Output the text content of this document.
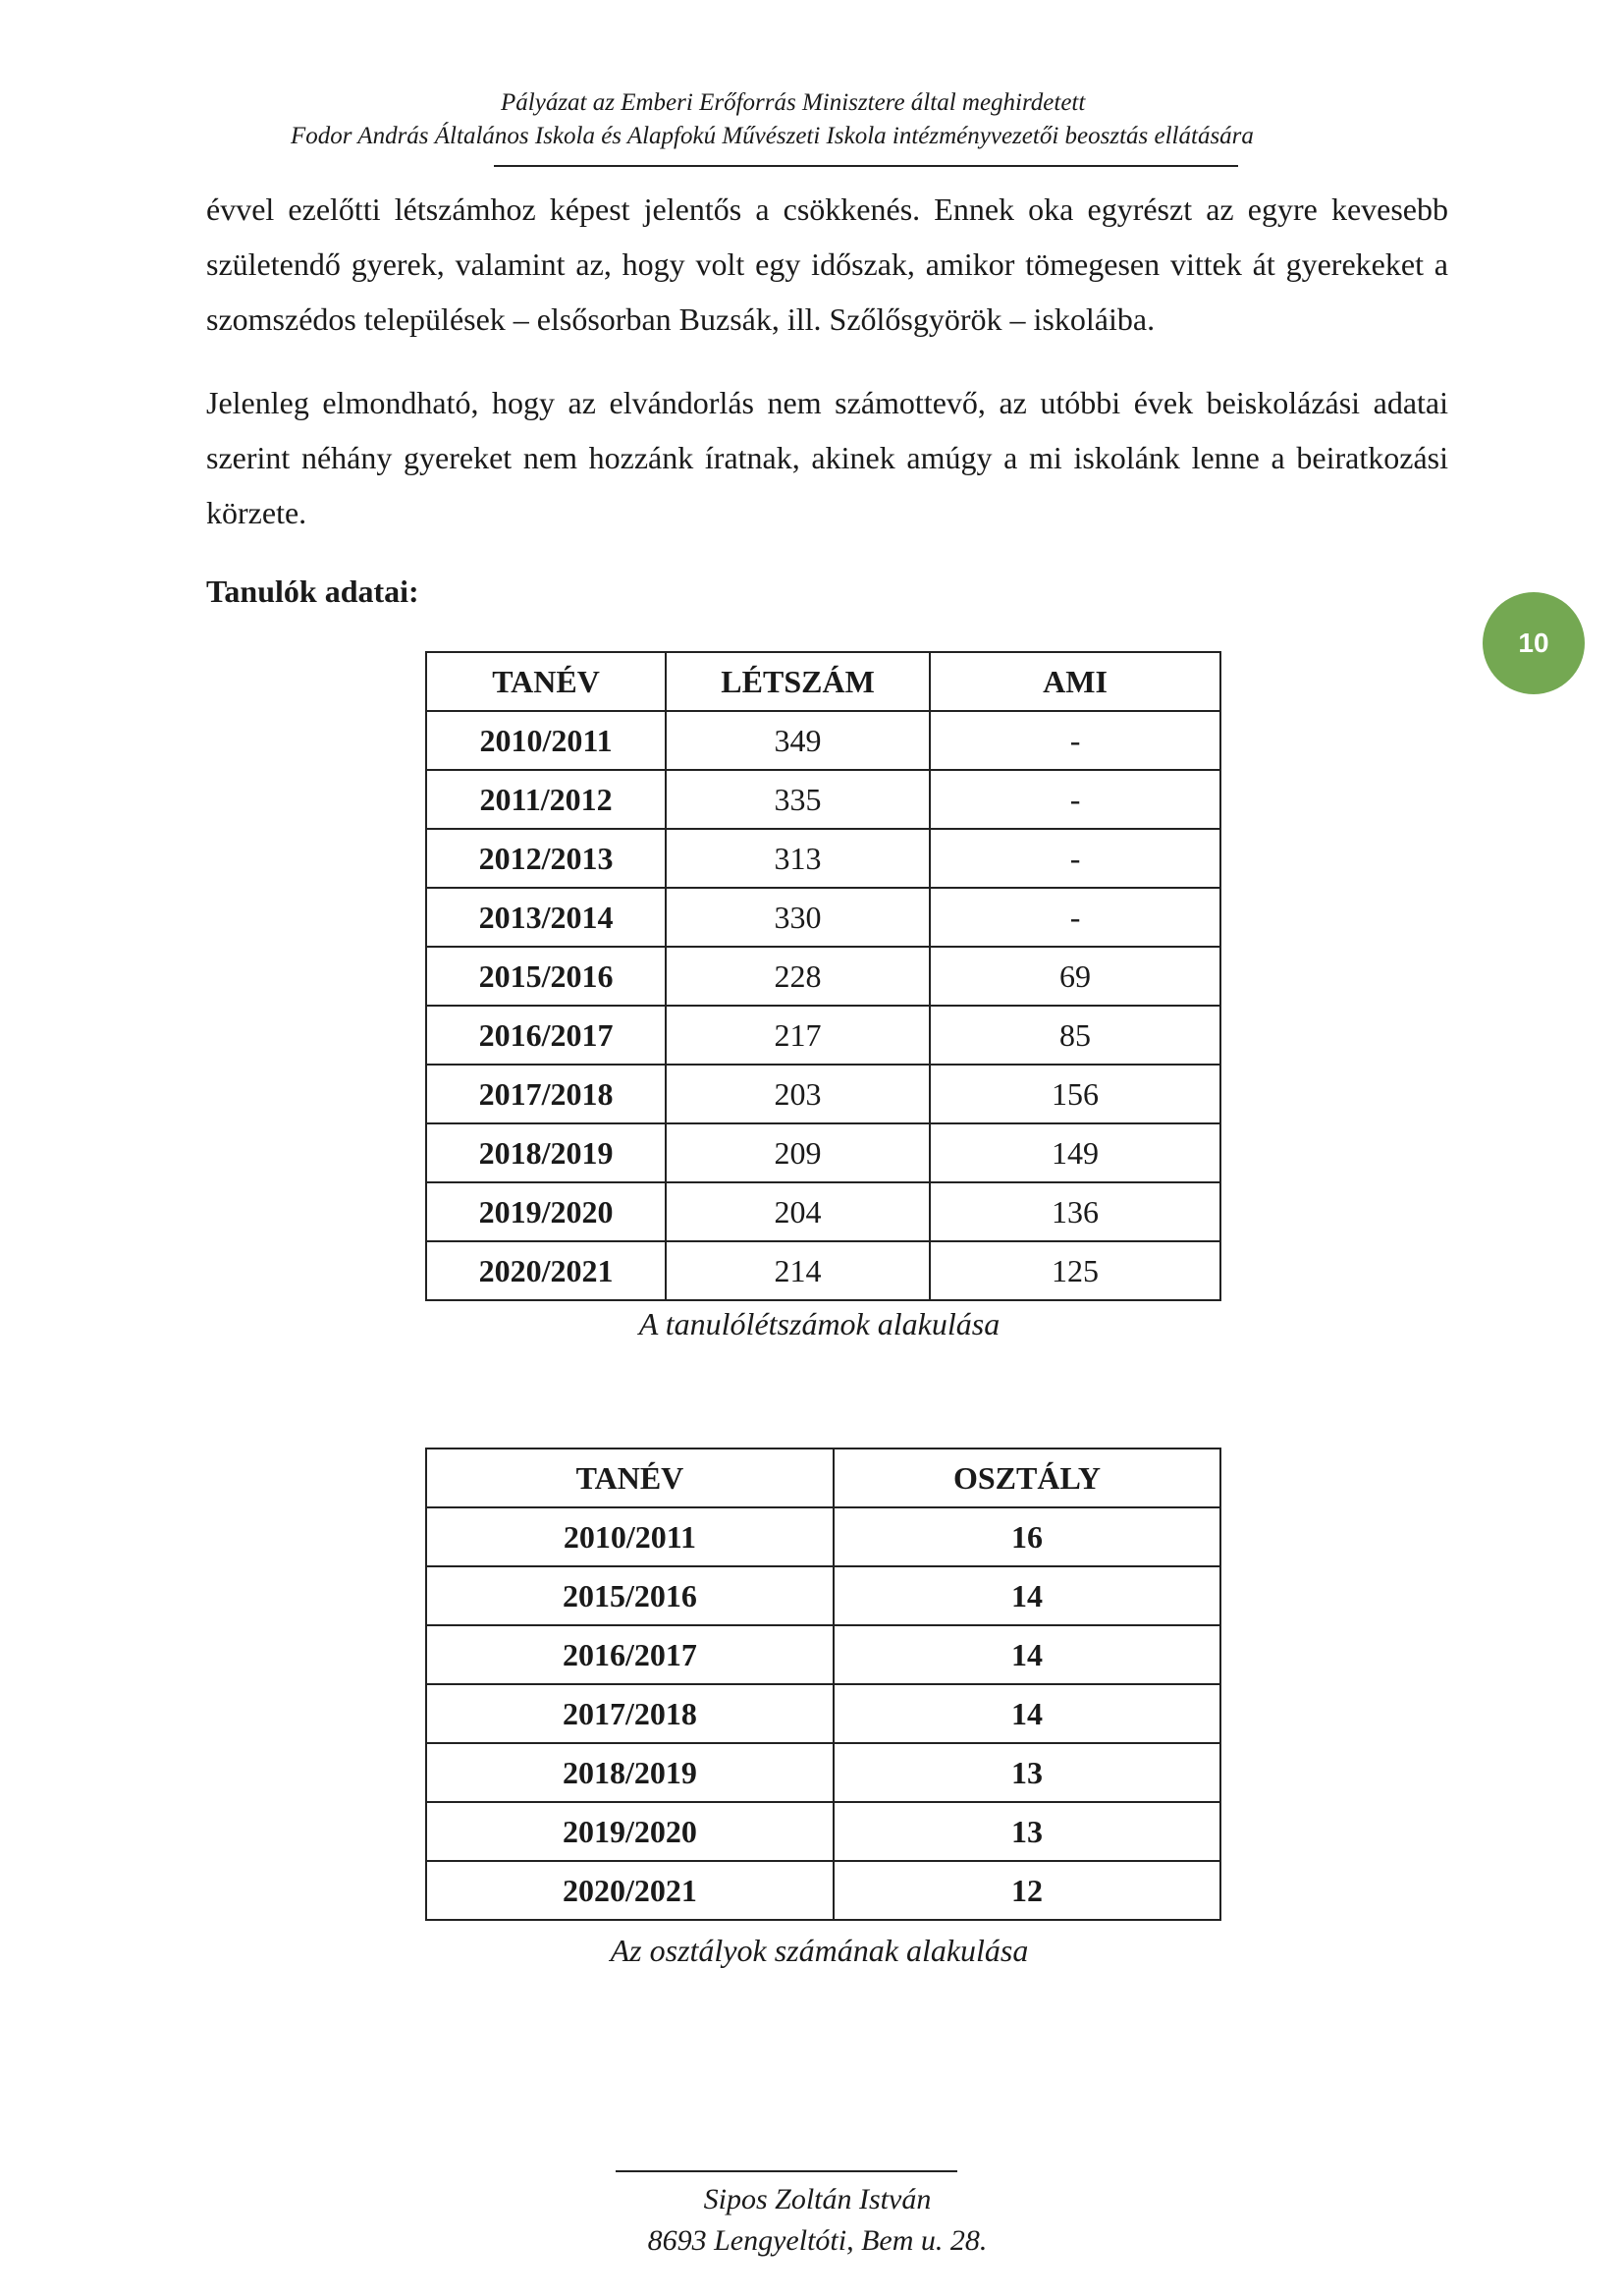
Pályázat az Emberi Erőforrás Minisztere által meghirdetett
Fodor András Általános Iskola és Alapfokú Művészeti Iskola intézményvezetői beosztás ellátására

évvel ezelőtti létszámhoz képest jelentős a csökkenés. Ennek oka egyrészt az egyre kevesebb születendő gyerek, valamint az, hogy volt egy időszak, amikor tömegesen vittek át gyerekeket a szomszédos települések – elsősorban Buzsák, ill. Szőlősgyörök – iskoláiba.

Jelenleg elmondható, hogy az elvándorlás nem számottevő, az utóbbi évek beiskolázási adatai szerint néhány gyereket nem hozzánk íratnak, akinek amúgy a mi iskolánk lenne a beiratkozási körzete.

Tanulók adatai:
10
TANÉV	LÉTSZÁM	AMI
2010/2011	349	-
2011/2012	335	-
2012/2013	313	-
2013/2014	330	-
2015/2016	228	69
2016/2017	217	85
2017/2018	203	156
2018/2019	209	149
2019/2020	204	136
2020/2021	214	125
A tanulólétszámok alakulása
TANÉV	OSZTÁLY
2010/2011	16
2015/2016	14
2016/2017	14
2017/2018	14
2018/2019	13
2019/2020	13
2020/2021	12
Az osztályok számának alakulása
Sipos Zoltán István
8693 Lengyeltóti, Bem u. 28.
